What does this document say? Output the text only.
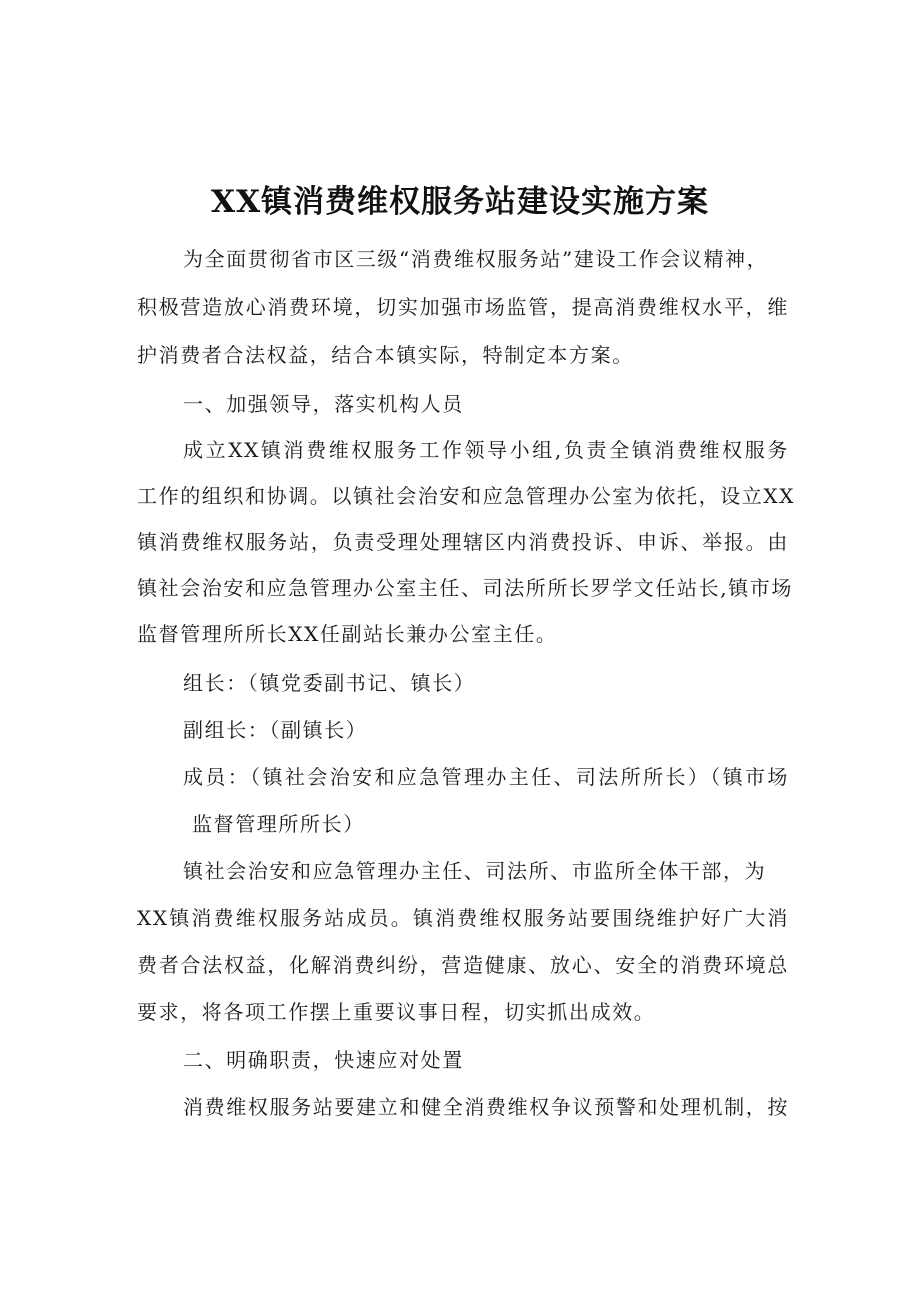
XX镇消费维权服务站建设实施方案
为全面贯彻省市区三级“消费维权服务站”建设工作会议精神，
积极营造放心消费环境，切实加强市场监管，提高消费维权水平，维
护消费者合法权益，结合本镇实际，特制定本方案。
一、加强领导，落实机构人员
成立XX镇消费维权服务工作领导小组,负责全镇消费维权服务
工作的组织和协调。以镇社会治安和应急管理办公室为依托，设立XX
镇消费维权服务站，负责受理处理辖区内消费投诉、申诉、举报。由
镇社会治安和应急管理办公室主任、司法所所长罗学文任站长,镇市场
监督管理所所长XX任副站长兼办公室主任。
组长：（镇党委副书记、镇长）
副组长：（副镇长）
成员：（镇社会治安和应急管理办主任、司法所所长）（镇市场
监督管理所所长）
镇社会治安和应急管理办主任、司法所、市监所全体干部，为
XX镇消费维权服务站成员。镇消费维权服务站要围绕维护好广大消
费者合法权益，化解消费纠纷，营造健康、放心、安全的消费环境总
要求，将各项工作摆上重要议事日程，切实抓出成效。
二、明确职责，快速应对处置
消费维权服务站要建立和健全消费维权争议预警和处理机制，按
